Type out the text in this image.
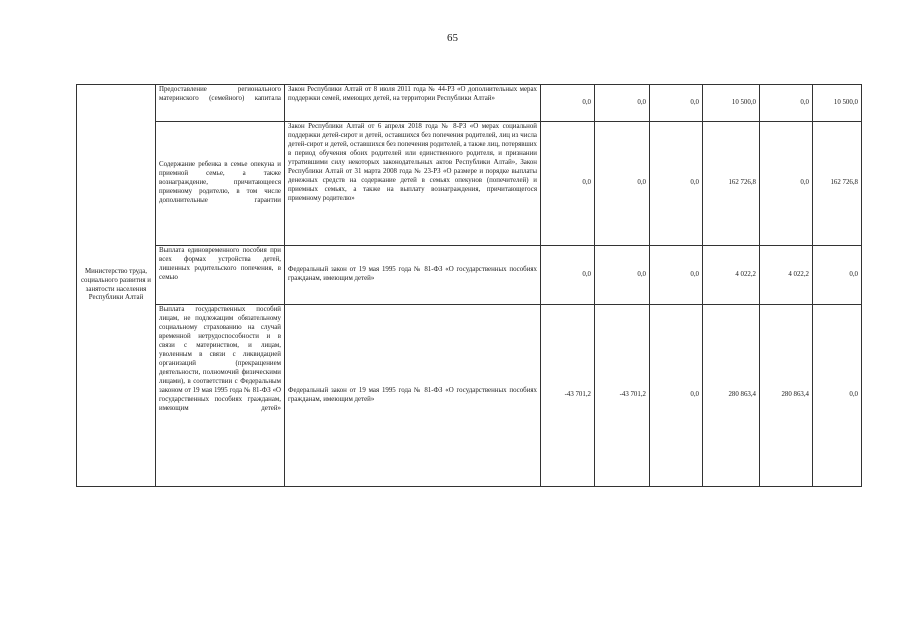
65
Министерство труда, социального развития и занятости населения Республики Алтай	Предоставление регионального материнского (семейного) капитала	Закон Республики Алтай от 8 июля 2011 года № 44-РЗ «О дополнительных мерах поддержки семей, имеющих детей, на территории Республики Алтай»	0,0	0,0	0,0	10 500,0	0,0	10 500,0
	Содержание ребенка в семье опекуна и приемной семье, а также вознаграждение, причитающееся приемному родителю, в том числе дополнительные гарантии	Закон Республики Алтай от 6 апреля 2018 года № 8-РЗ «О мерах социальной поддержки детей-сирот и детей, оставшихся без попечения родителей, лиц из числа детей-сирот и детей, оставшихся без попечения родителей, а также лиц, потерявших в период обучения обоих родителей или единственного родителя, и признании утратившими силу некоторых законодательных актов Республики Алтай», Закон Республики Алтай от 31 марта 2008 года № 23-РЗ «О размере и порядке выплаты денежных средств на содержание детей в семьях опекунов (попечителей) и приемных семьях, а также на выплату вознаграждения, причитающегося приемному родителю»	0,0	0,0	0,0	162 726,8	0,0	162 726,8
	Выплата единовременного пособия при всех формах устройства детей, лишенных родительского попечения, в семью	Федеральный закон от 19 мая 1995 года № 81-ФЗ «О государственных пособиях гражданам, имеющим детей»	0,0	0,0	0,0	4 022,2	4 022,2	0,0
	Выплата государственных пособий лицам, не подлежащим обязательному социальному страхованию на случай временной нетрудоспособности и в связи с материнством, и лицам, уволенным в связи с ликвидацией организаций (прекращением деятельности, полномочий физическими лицами), в соответствии с Федеральным законом от 19 мая 1995 года № 81-ФЗ «О государственных пособиях гражданам, имеющим детей»	Федеральный закон от 19 мая 1995 года № 81-ФЗ «О государственных пособиях гражданам, имеющим детей»	-43 701,2	-43 701,2	0,0	280 863,4	280 863,4	0,0
